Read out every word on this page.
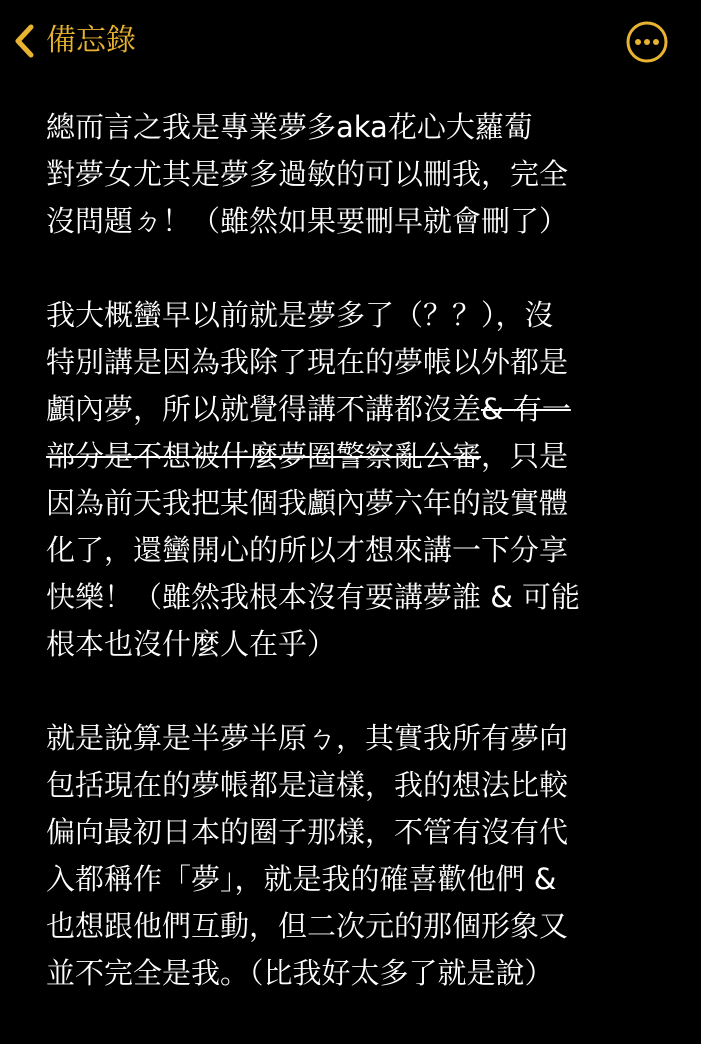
備忘錄
總而言之我是專業夢多aka花心大蘿蔔
對夢女尤其是夢多過敏的可以刪我，完全
沒問題ㄉ！（雖然如果要刪早就會刪了）
我大概蠻早以前就是夢多了（？？），沒
特別講是因為我除了現在的夢帳以外都是
顱內夢，所以就覺得講不講都沒差& 有一
部分是不想被什麼夢圈警察亂公審，只是
因為前天我把某個我顱內夢六年的設實體
化了，還蠻開心的所以才想來講一下分享
快樂！（雖然我根本沒有要講夢誰 & 可能
根本也沒什麼人在乎）
就是說算是半夢半原ㄅ，其實我所有夢向
包括現在的夢帳都是這樣，我的想法比較
偏向最初日本的圈子那樣，不管有沒有代
入都稱作「夢」，就是我的確喜歡他們 &
也想跟他們互動，但二次元的那個形象又
並不完全是我。（比我好太多了就是說）
